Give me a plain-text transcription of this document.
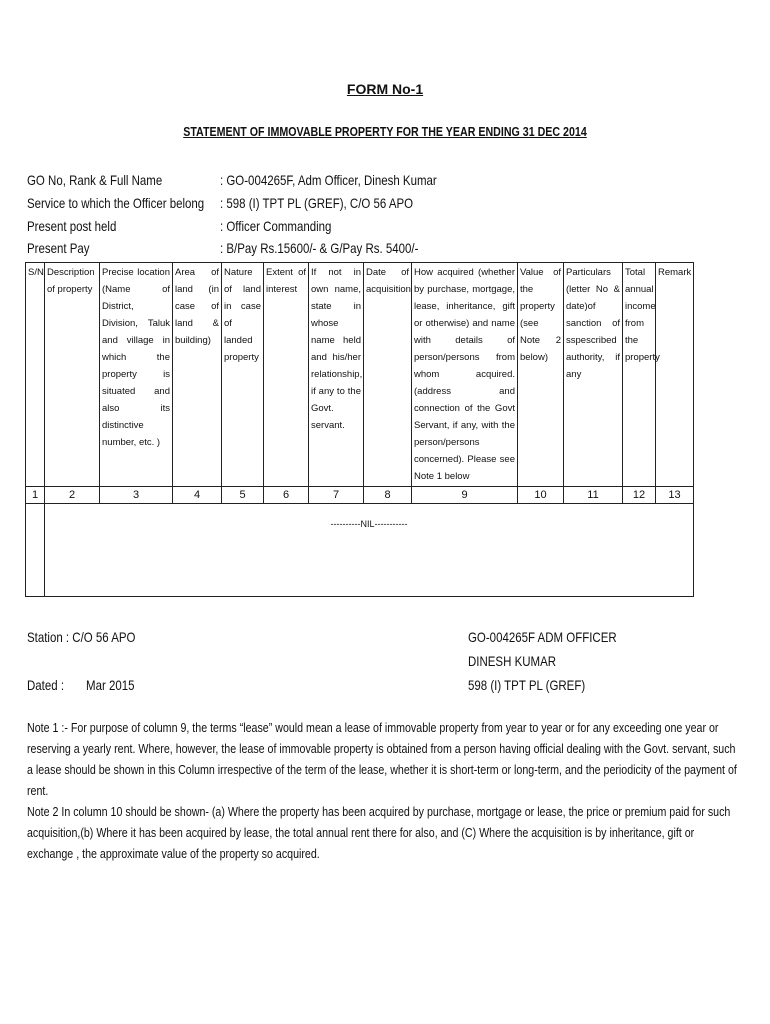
FORM No-1
STATEMENT OF IMMOVABLE PROPERTY FOR THE YEAR ENDING 31 DEC 2014
GO No, Rank & Full Name	: GO-004265F, Adm Officer, Dinesh Kumar
Service to which the Officer belong : 598 (I) TPT PL (GREF), C/O 56 APO
Present post held	: Officer Commanding
Present Pay	: B/Pay Rs.15600/- & G/Pay Rs. 5400/-
S/N	Description of property	Precise location (Name of District, Division, Taluk and village in which the property is situated and also its distinctive number, etc. )	Area of land (in case of land & building)	Nature of land in case of landed property	Extent of interest	If not in own name, state in whose name held and his/her relationship, if any to the Govt. servant.	Date of acquisition	How acquired (whether by purchase, mortgage, lease, inheritance, gift or otherwise) and name with details of person/persons from whom acquired. (address and connection of the Govt Servant, if any, with the person/persons concerned). Please see Note 1 below	Value of the property (see Note 2 below)	Particulars (letter No & date)of sanction of sspescribed authority, if any	Total annual income from the property	Remark
1	2	3	4	5	6	7	8	9	10	11	12	13

	----------NIL-----------											
Station : C/O 56 APO
Dated : Mar 2015
GO-004265F ADM OFFICER
DINESH KUMAR
598 (I) TPT PL (GREF)

Note 1 :- For purpose of column 9, the terms “lease” would mean a lease of immovable property from year to year or for any exceeding one year or reserving a yearly rent. Where, however, the lease of immovable property is obtained from a person having official dealing with the Govt. servant, such a lease should be shown in this Column irrespective of the term of the lease, whether it is short-term or long-term, and the periodicity of the payment of rent.

Note 2 In column 10 should be shown- (a) Where the property has been acquired by purchase, mortgage or lease, the price or premium paid for such acquisition,(b) Where it has been acquired by lease, the total annual rent there for also, and (C) Where the acquisition is by inheritance, gift or exchange , the approximate value of the property so acquired.
